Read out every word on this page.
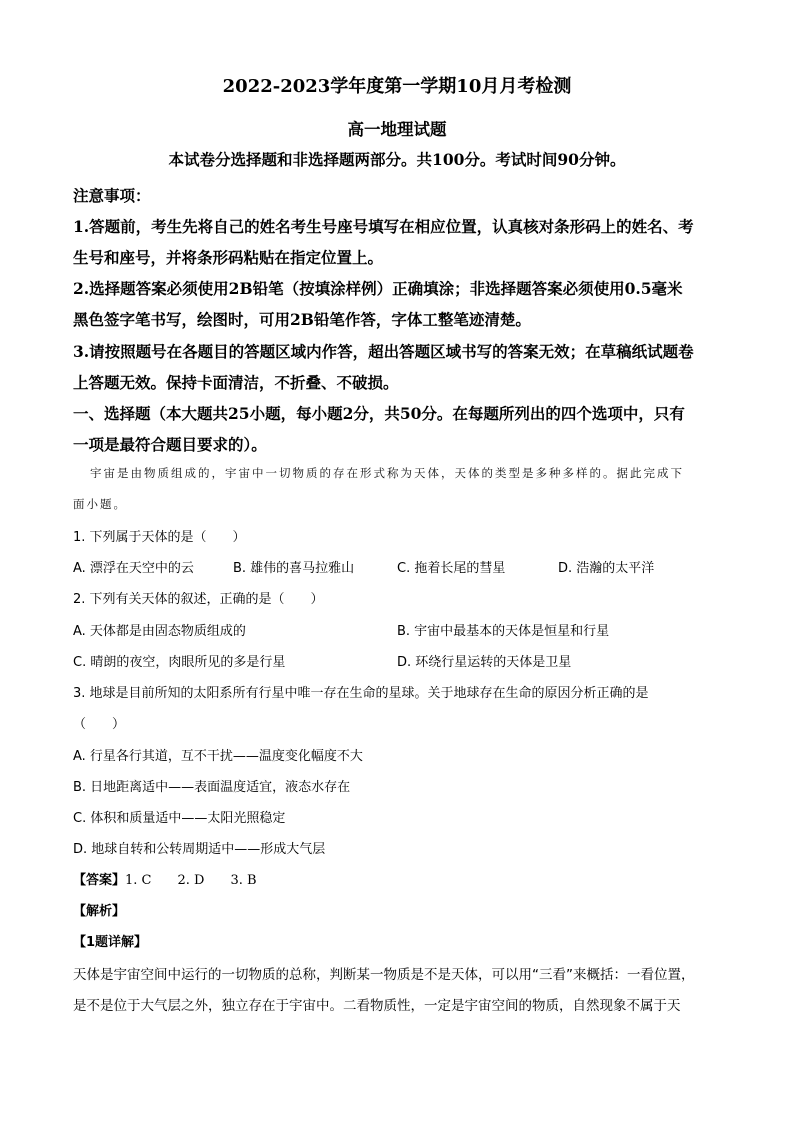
2022-2023学年度第一学期10月月考检测
高一地理试题
本试卷分选择题和非选择题两部分。共100分。考试时间90分钟。
注意事项：
1.答题前，考生先将自己的姓名考生号座号填写在相应位置，认真核对条形码上的姓名、考
生号和座号，并将条形码粘贴在指定位置上。
2.选择题答案必须使用2B铅笔（按填涂样例）正确填涂；非选择题答案必须使用0.5毫米
黑色签字笔书写，绘图时，可用2B铅笔作答，字体工整笔迹清楚。
3.请按照题号在各题目的答题区域内作答，超出答题区域书写的答案无效；在草稿纸试题卷
上答题无效。保持卡面清洁，不折叠、不破损。
一、选择题（本大题共25小题，每小题2分，共50分。在每题所列出的四个选项中，只有
一项是最符合题目要求的）。
宇宙是由物质组成的，宇宙中一切物质的存在形式称为天体，天体的类型是多种多样的。据此完成下
面小题。
1. 下列属于天体的是（　　）
A. 漂浮在天空中的云	B. 雄伟的喜马拉雅山	C. 拖着长尾的彗星	D. 浩瀚的太平洋
2. 下列有关天体的叙述，正确的是（　　）
A. 天体都是由固态物质组成的	B. 宇宙中最基本的天体是恒星和行星
C. 晴朗的夜空，肉眼所见的多是行星	D. 环绕行星运转的天体是卫星
3. 地球是目前所知的太阳系所有行星中唯一存在生命的星球。关于地球存在生命的原因分析正确的是
（　　）
A. 行星各行其道，互不干扰——温度变化幅度不大
B. 日地距离适中——表面温度适宜，液态水存在
C. 体积和质量适中——太阳光照稳定
D. 地球自转和公转周期适中——形成大气层
【答案】1. C　　2. D　　3. B
【解析】
【1题详解】
天体是宇宙空间中运行的一切物质的总称，判断某一物质是不是天体，可以用“三看”来概括：一看位置，
是不是位于大气层之外，独立存在于宇宙中。二看物质性，一定是宇宙空间的物质，自然现象不属于天
